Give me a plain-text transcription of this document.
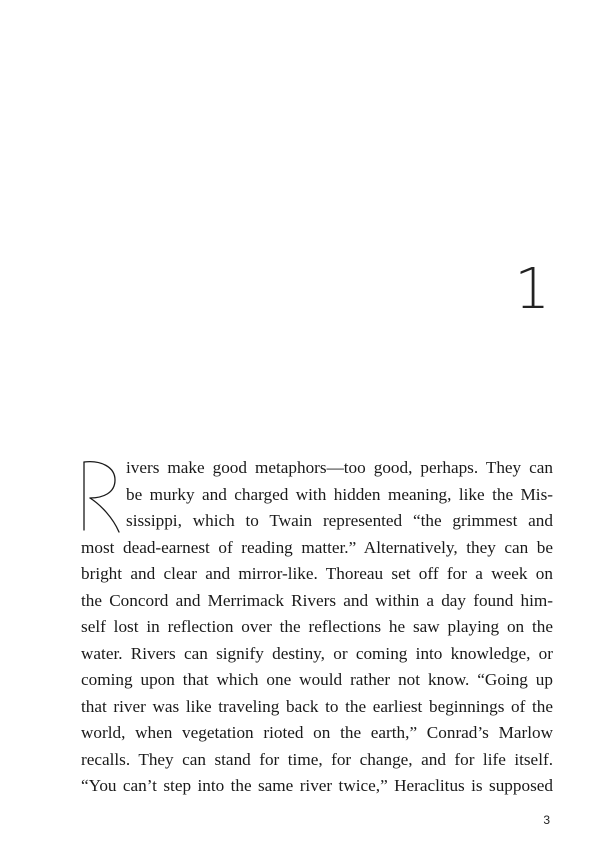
1
ivers make good metaphors—too good, perhaps. They can
be murky and charged with hidden meaning, like the Mis-
sissippi, which to Twain represented “the grimmest and
most dead-earnest of reading matter.” Alternatively, they can be
bright and clear and mirror-like. Thoreau set off for a week on
the Concord and Merrimack Rivers and within a day found him-
self lost in reflection over the reflections he saw playing on the
water. Rivers can signify destiny, or coming into knowledge, or
coming upon that which one would rather not know. “Going up
that river was like traveling back to the earliest beginnings of the
world, when vegetation rioted on the earth,” Conrad’s Marlow
recalls. They can stand for time, for change, and for life itself.
“You can’t step into the same river twice,” Heraclitus is supposed
3
